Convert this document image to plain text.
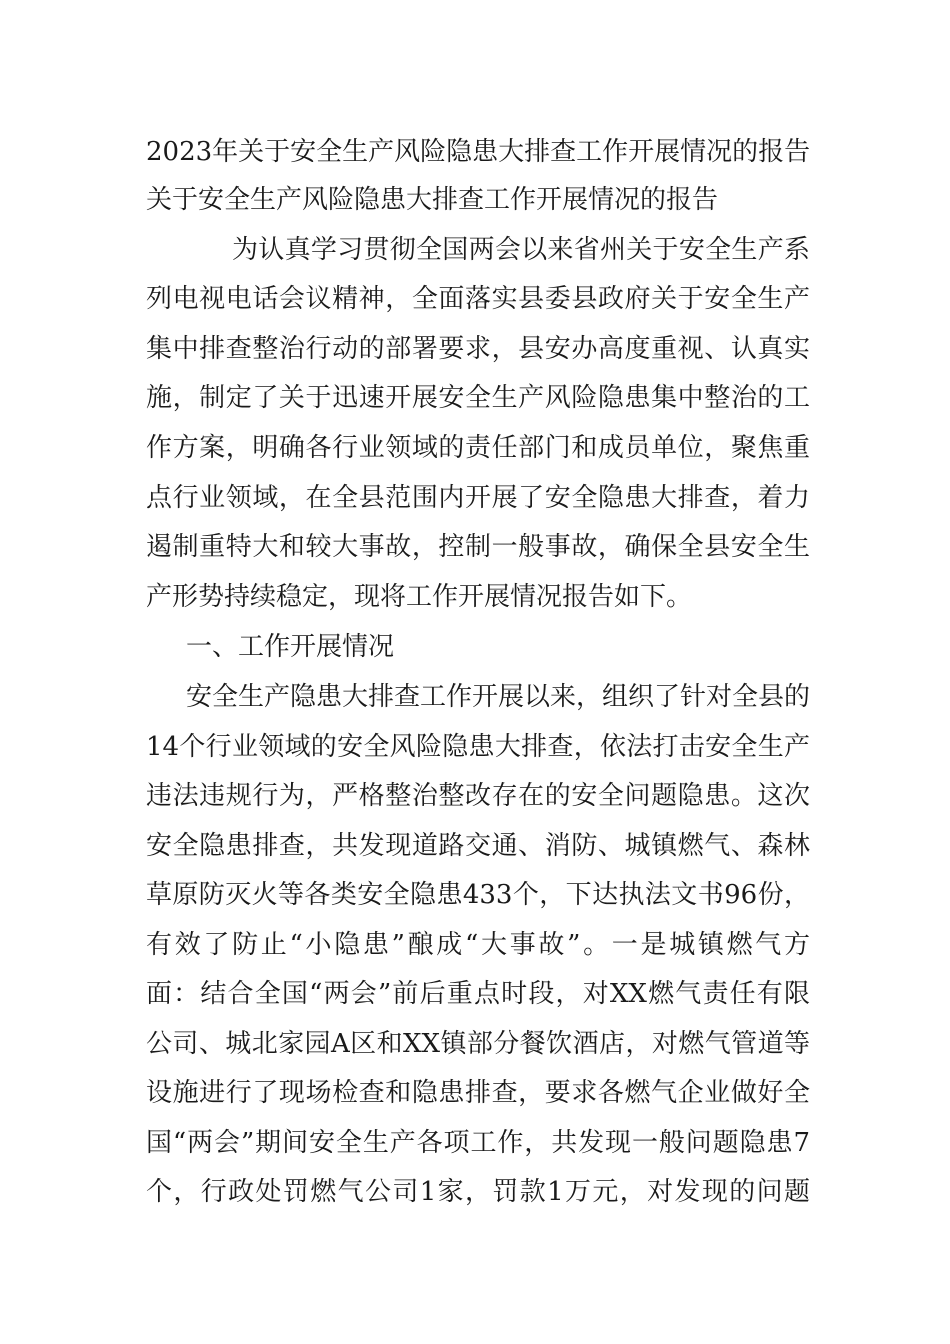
2023年关于安全生产风险隐患大排查工作开展情况的报告
关于安全生产风险隐患大排查工作开展情况的报告
为认真学习贯彻全国两会以来省州关于安全生产系
列电视电话会议精神，全面落实县委县政府关于安全生产
集中排查整治行动的部署要求，县安办高度重视、认真实
施，制定了关于迅速开展安全生产风险隐患集中整治的工
作方案，明确各行业领域的责任部门和成员单位，聚焦重
点行业领域，在全县范围内开展了安全隐患大排查，着力
遏制重特大和较大事故，控制一般事故，确保全县安全生
产形势持续稳定，现将工作开展情况报告如下。
一、工作开展情况
安全生产隐患大排查工作开展以来，组织了针对全县的
14个行业领域的安全风险隐患大排查，依法打击安全生产
违法违规行为，严格整治整改存在的安全问题隐患。这次
安全隐患排查，共发现道路交通、消防、城镇燃气、森林
草原防灭火等各类安全隐患433个，下达执法文书96份，
有效了防止“小隐患”酿成“大事故”。一是城镇燃气方
面：结合全国“两会”前后重点时段，对XX燃气责任有限
公司、城北家园A区和XX镇部分餐饮酒店，对燃气管道等
设施进行了现场检查和隐患排查，要求各燃气企业做好全
国“两会”期间安全生产各项工作，共发现一般问题隐患7
个，行政处罚燃气公司1家，罚款1万元，对发现的问题
